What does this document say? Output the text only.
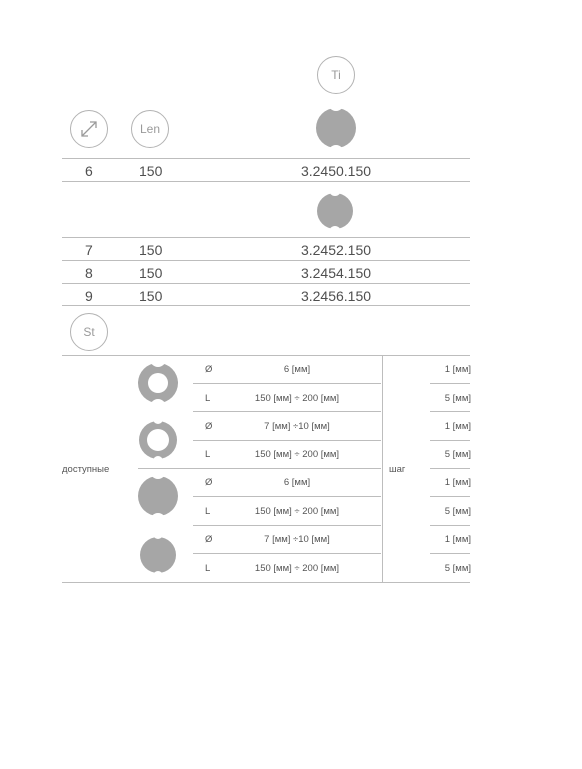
Ti
Len
6	150	3.2450.150
7	150	3.2452.150
8	150	3.2454.150
9	150	3.2456.150
St
доступные	шаг
Ø	6 [мм]	1 [мм]
L	150 [мм] ÷ 200 [мм]	5 [мм]
Ø	7 [мм] ÷10 [мм]	1 [мм]
L	150 [мм] ÷ 200 [мм]	5 [мм]
Ø	6 [мм]	1 [мм]
L	150 [мм] ÷ 200 [мм]	5 [мм]
Ø	7 [мм] ÷10 [мм]	1 [мм]
L	150 [мм] ÷ 200 [мм]	5 [мм]
